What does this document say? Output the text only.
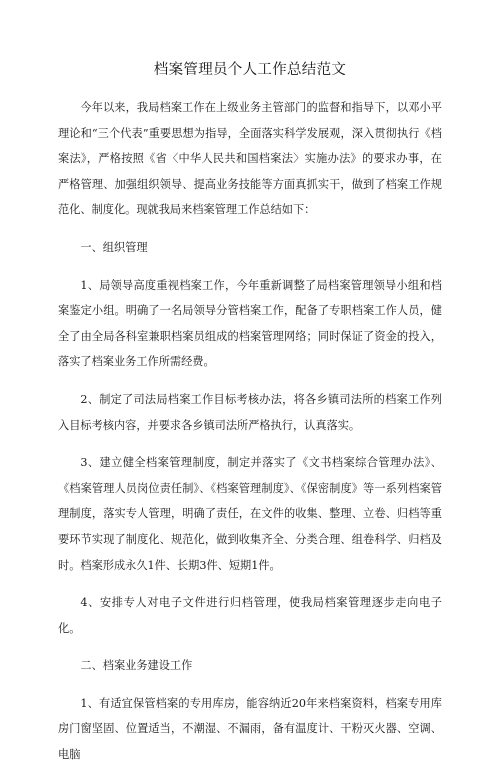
档案管理员个人工作总结范文

今年以来，我局档案工作在上级业务主管部门的监督和指导下，以邓小平理论和“三个代表”重要思想为指导，全面落实科学发展观，深入贯彻执行《档案法》，严格按照《省〈中华人民共和国档案法〉实施办法》的要求办事，在严格管理、加强组织领导、提高业务技能等方面真抓实干，做到了档案工作规范化、制度化。现就我局来档案管理工作总结如下：

一、组织管理

1、局领导高度重视档案工作，今年重新调整了局档案管理领导小组和档案鉴定小组。明确了一名局领导分管档案工作，配备了专职档案工作人员，健全了由全局各科室兼职档案员组成的档案管理网络；同时保证了资金的投入，落实了档案业务工作所需经费。

2、制定了司法局档案工作目标考核办法，将各乡镇司法所的档案工作列入目标考核内容，并要求各乡镇司法所严格执行，认真落实。

3、建立健全档案管理制度，制定并落实了《文书档案综合管理办法》、《档案管理人员岗位责任制》、《档案管理制度》、《保密制度》等一系列档案管理制度，落实专人管理，明确了责任，在文件的收集、整理、立卷、归档等重要环节实现了制度化、规范化，做到收集齐全、分类合理、组卷科学、归档及时。档案形成永久1件、长期3件、短期1件。

4、安排专人对电子文件进行归档管理，使我局档案管理逐步走向电子化。

二、档案业务建设工作

1、有适宜保管档案的专用库房，能容纳近20年来档案资料，档案专用库房门窗坚固、位置适当，不潮湿、不漏雨，备有温度计、干粉灭火器、空调、电脑
